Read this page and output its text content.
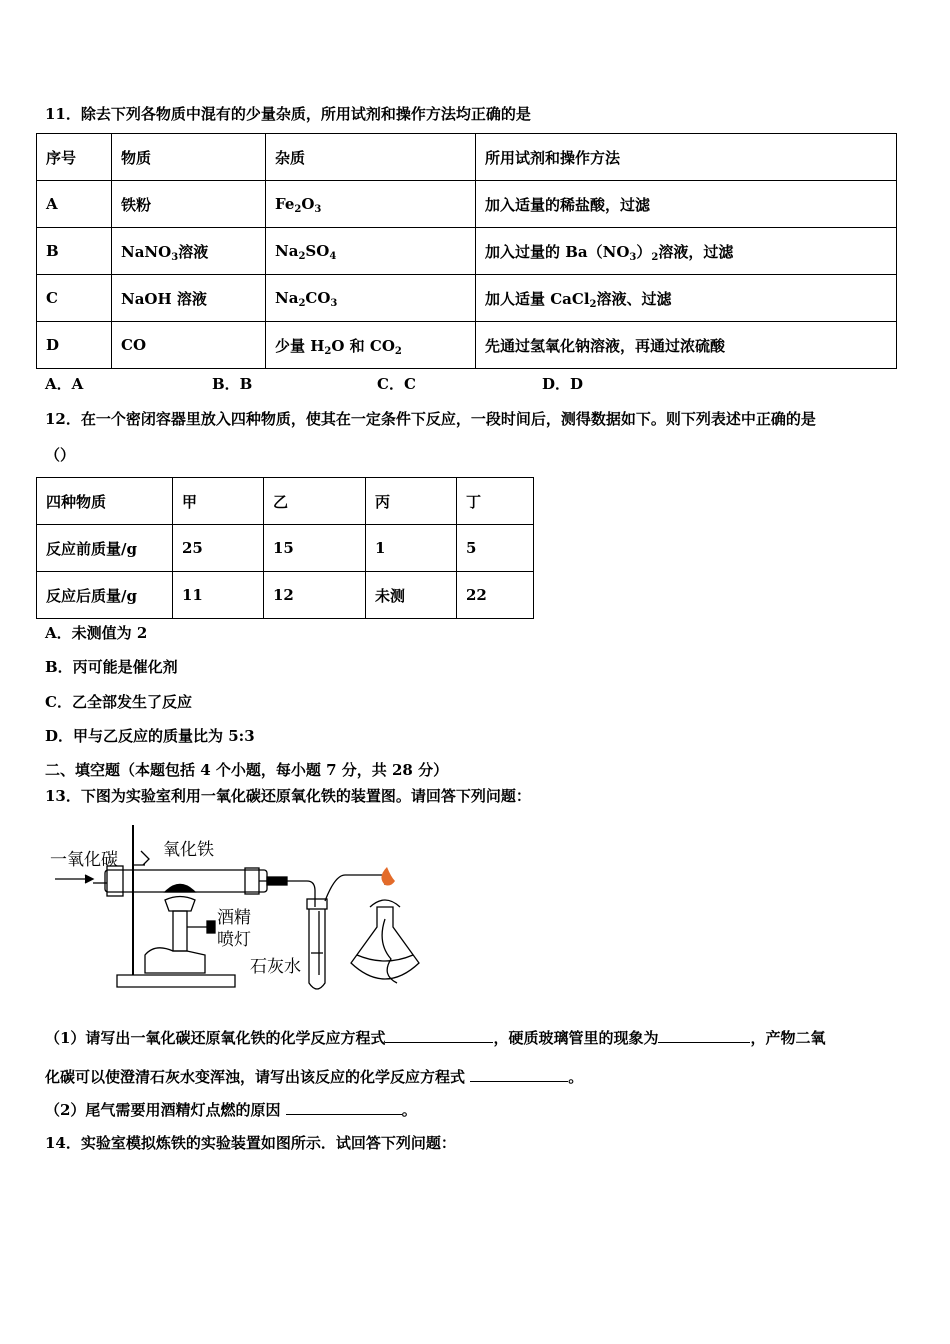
11．除去下列各物质中混有的少量杂质，所用试剂和操作方法均正确的是
序号	物质	杂质	所用试剂和操作方法
A	铁粉	$Fe_2O_3$	加入适量的稀盐酸，过滤
B	NaNO$_3$溶液	$Na_2SO_4$	加入过量的 $Ba(NO_3)_2$溶液，过滤
C	NaOH 溶液	$Na_2CO_3$	加人适量 CaCl$_2$溶液、过滤
D	CO	少量 $H_2O$ 和 $CO_2$	先通过氢氧化钠溶液，再通过浓硫酸
A．A	B．B	C．C	D．D
12．在一个密闭容器里放入四种物质，使其在一定条件下反应，一段时间后，测得数据如下。则下列表述中正确的是
（）
四种物质	甲	乙	丙	丁
反应前质量/g	25	15	1	5
反应后质量/g	11	12	未测	22
A．未测值为 2
B．丙可能是催化剂
C．乙全部发生了反应
D．甲与乙反应的质量比为 5:3
二、填空题（本题包括 4 个小题，每小题 7 分，共 28 分）
13．下图为实验室利用一氧化碳还原氧化铁的装置图。请回答下列问题：
一氧化碳	氧化铁
酒精
喷灯
石灰水
（1）请写出一氧化碳还原氧化铁的化学反应方程式	，硬质玻璃管里的现象为	，产物二氧
化碳可以使澄清石灰水变浑浊，请写出该反应的化学反应方程式	。
（2）尾气需要用酒精灯点燃的原因	。
14．实验室模拟炼铁的实验装置如图所示．试回答下列问题：
